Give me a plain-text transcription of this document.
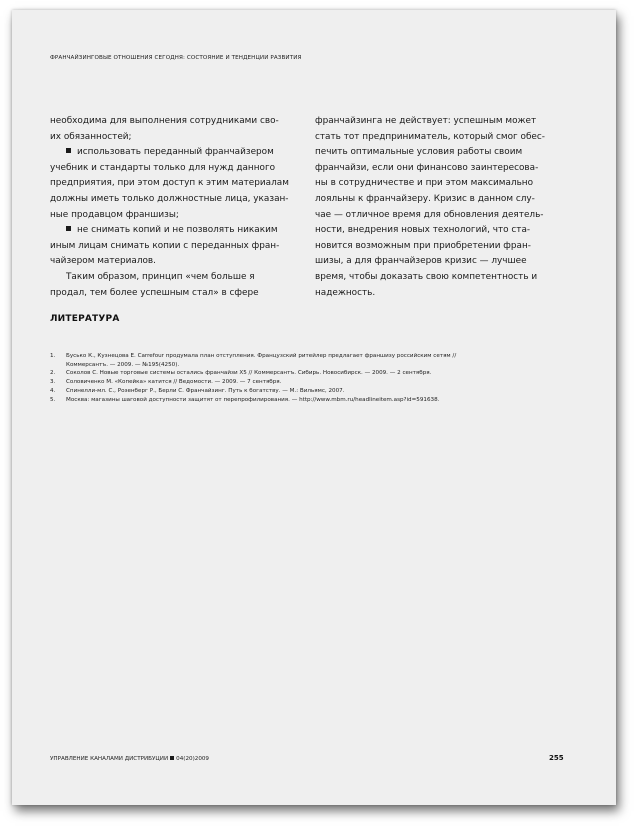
ФРАНЧАЙЗИНГОВЫЕ ОТНОШЕНИЯ СЕГОДНЯ: СОСТОЯНИЕ И ТЕНДЕНЦИИ РАЗВИТИЯ
необходима для выполнения сотрудниками сво-
их обязанностей;
использовать переданный франчайзером
учебник и стандарты только для нужд данного
предприятия, при этом доступ к этим материалам
должны иметь только должностные лица, указан-
ные продавцом франшизы;
не снимать копий и не позволять никаким
иным лицам снимать копии с переданных фран-
чайзером материалов.
Таким образом, принцип «чем больше я
продал, тем более успешным стал» в сфере
франчайзинга не действует: успешным может
стать тот предприниматель, который смог обес-
печить оптимальные условия работы своим
франчайзи, если они финансово заинтересова-
ны в сотрудничестве и при этом максимально
лояльны к франчайзеру. Кризис в данном слу-
чае — отличное время для обновления деятель-
ности, внедрения новых технологий, что ста-
новится возможным при приобретении фран-
шизы, а для франчайзеров кризис — лучшее
время, чтобы доказать свою компетентность и
надежность.
ЛИТЕРАТУРА
1. Бусько К., Кузнецова Е. Carrefour продумала план отступления. Французский ритейлер предлагает франшизу российским сетям //
Коммерсантъ. — 2009. — №195(4250).
2. Соколов С. Новые торговые системы остались франчайзи Х5 // Коммерсантъ. Сибирь. Новосибирск. — 2009. — 2 сентября.
3. Соловиченко М. «Копейка» катится // Ведомости. — 2009. — 7 сентября.
4. Спинелли-мл. С., Розенберг Р., Берли С. Франчайзинг. Путь к богатству. — М.: Вильямс, 2007.
5. Москва: магазины шаговой доступности защитят от перепрофилирования. — http://www.mbm.ru/headlineitem.asp?id=591638.
УПРАВЛЕНИЕ КАНАЛАМИ ДИСТРИБУЦИИ 04(20)2009	255
